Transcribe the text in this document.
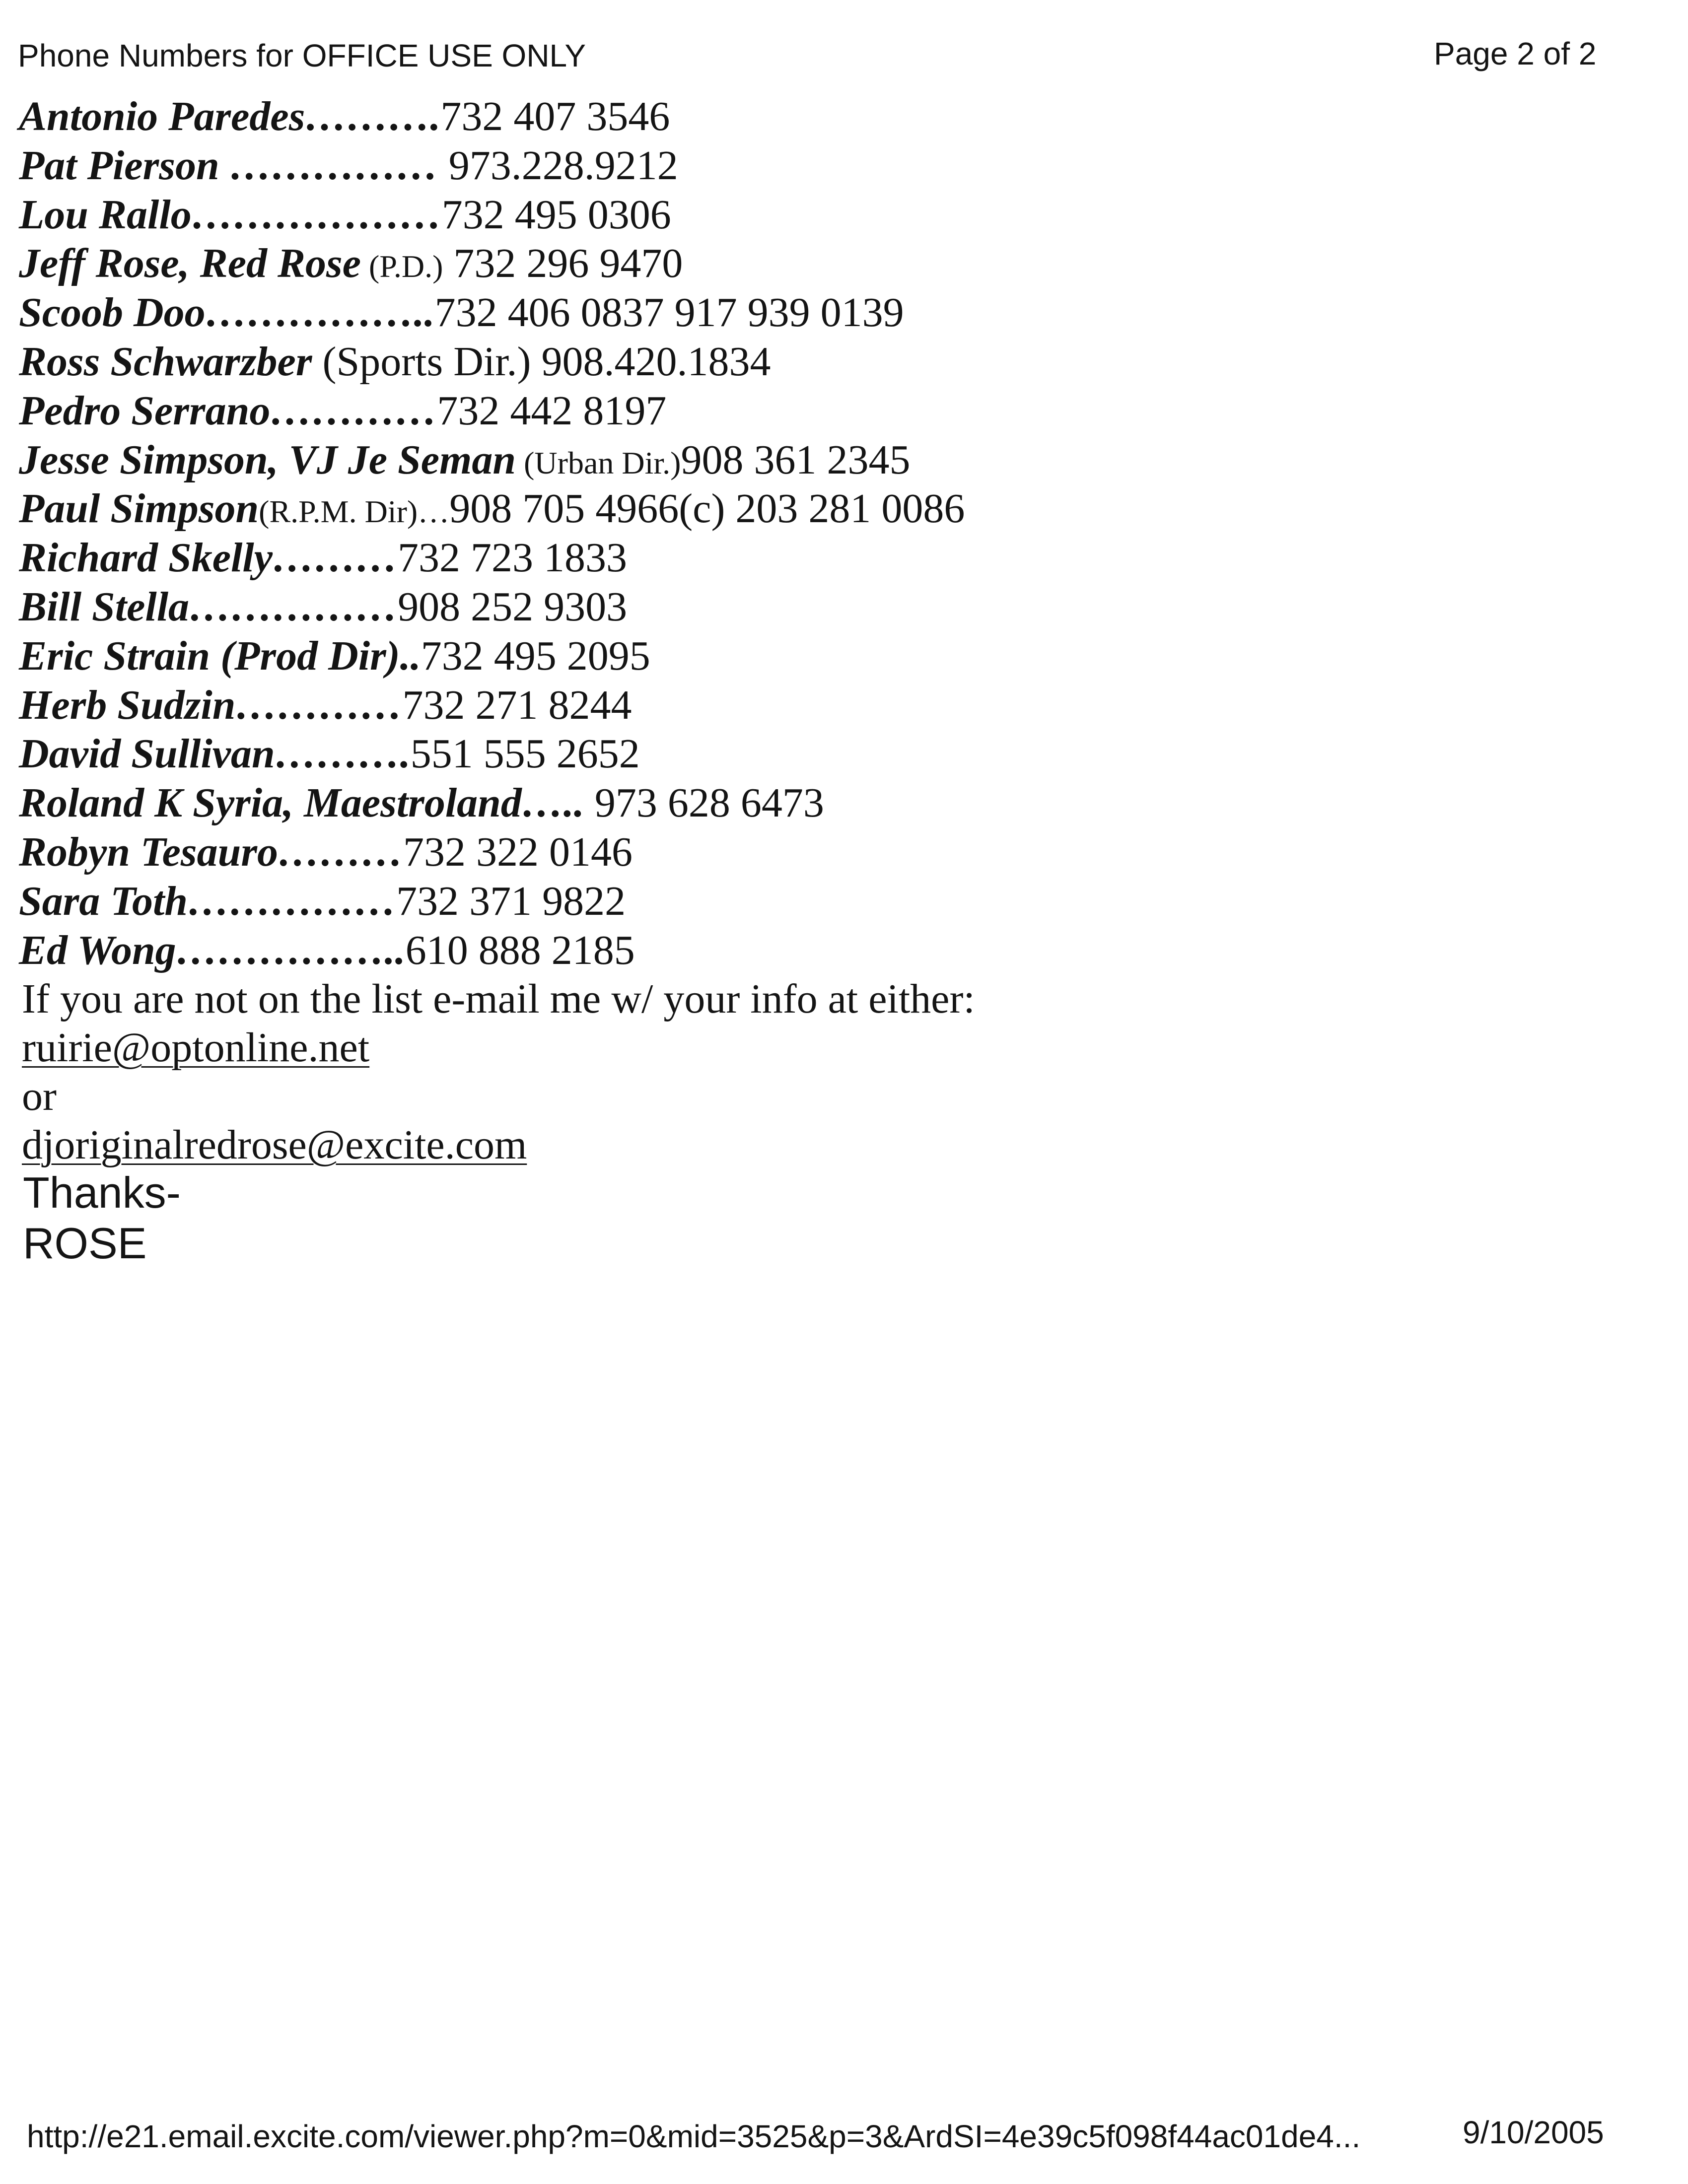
Phone Numbers for OFFICE USE ONLY	Page 2 of 2
Antonio Paredes……….732 407 3546
Pat Pierson …………… 973.228.9212
Lou Rallo………………732 495 0306
Jeff Rose, Red Rose (P.D.) 732 296 9470
Scoob Doo……………..732 406 0837 917 939 0139
Ross Schwarzber (Sports Dir.) 908.420.1834
Pedro Serrano…………732 442 8197
Jesse Simpson, VJ Je Seman (Urban Dir.)908 361 2345
Paul Simpson(R.P.M. Dir)…908 705 4966(c) 203 281 0086
Richard Skelly………732 723 1833
Bill Stella……………908 252 9303
Eric Strain (Prod Dir)..732 495 2095
Herb Sudzin…………732 271 8244
David Sullivan……….551 555 2652
Roland K Syria, Maestroland….. 973 628 6473
Robyn Tesauro………732 322 0146
Sara Toth……………732 371 9822
Ed Wong……………..610 888 2185
If you are not on the list e-mail me w/ your info at either:
ruirie@optonline.net
or
djoriginalredrose@excite.com
Thanks-
ROSE
http://e21.email.excite.com/viewer.php?m=0&mid=3525&p=3&ArdSI=4e39c5f098f44ac01de4...	9/10/2005
